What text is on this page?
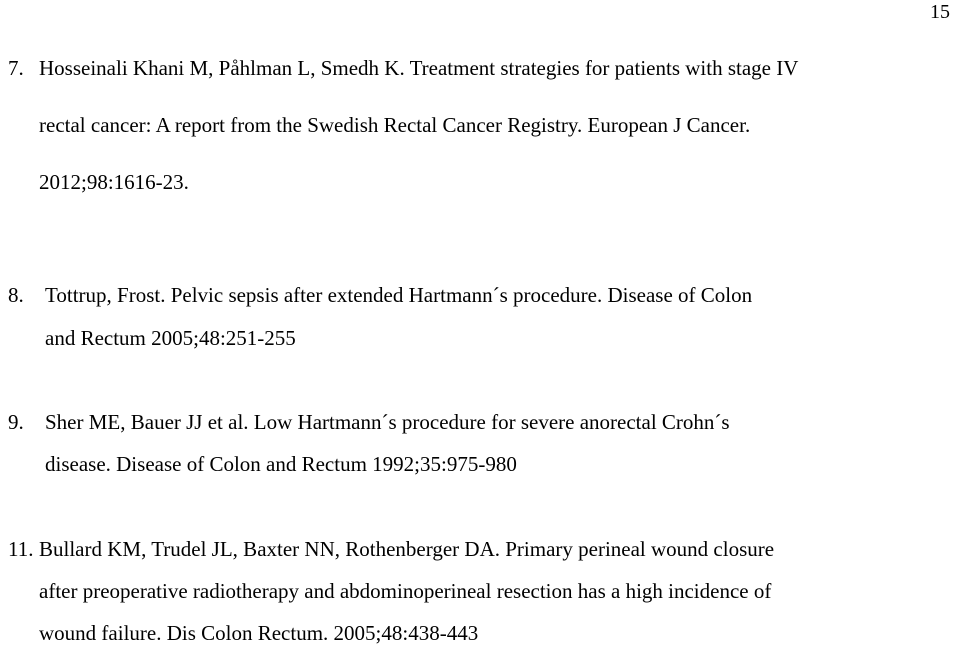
15
7. Hosseinali Khani M, Påhlman L, Smedh K. Treatment strategies for patients with stage IV
rectal cancer: A report from the Swedish Rectal Cancer Registry. European J Cancer.
2012;98:1616-23.
8. Tottrup, Frost. Pelvic sepsis after extended Hartmann´s procedure. Disease of Colon
and Rectum 2005;48:251-255
9. Sher ME, Bauer JJ et al. Low Hartmann´s procedure for severe anorectal Crohn´s
disease. Disease of Colon and Rectum 1992;35:975-980
11. Bullard KM, Trudel JL, Baxter NN, Rothenberger DA. Primary perineal wound closure
after preoperative radiotherapy and abdominoperineal resection has a high incidence of
wound failure. Dis Colon Rectum. 2005;48:438-443
